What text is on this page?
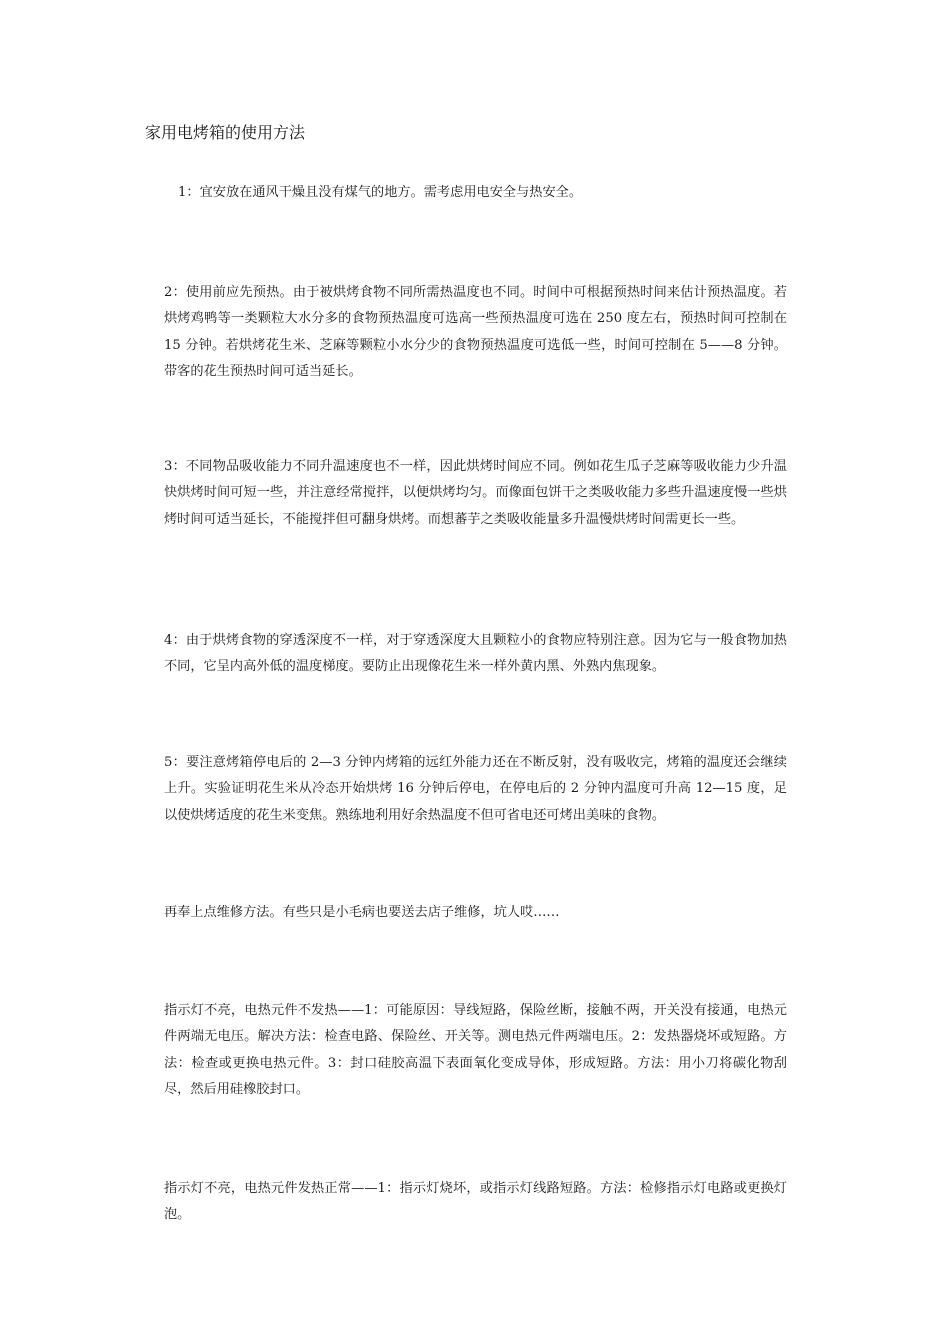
家用电烤箱的使用方法

1：宜安放在通风干燥且没有煤气的地方。需考虑用电安全与热安全。

2：使用前应先预热。由于被烘烤食物不同所需热温度也不同。时间中可根据预热时间来估计预热温度。若烘烤鸡鸭等一类颗粒大水分多的食物预热温度可选高一些预热温度可选在 250 度左右，预热时间可控制在 15 分钟。若烘烤花生米、芝麻等颗粒小水分少的食物预热温度可选低一些，时间可控制在 5——8 分钟。带客的花生预热时间可适当延长。

3：不同物品吸收能力不同升温速度也不一样，因此烘烤时间应不同。例如花生瓜子芝麻等吸收能力少升温快烘烤时间可短一些，并注意经常搅拌，以便烘烤均匀。而像面包饼干之类吸收能力多些升温速度慢一些烘烤时间可适当延长，不能搅拌但可翻身烘烤。而想蕃芋之类吸收能量多升温慢烘烤时间需更长一些。

4：由于烘烤食物的穿透深度不一样，对于穿透深度大且颗粒小的食物应特别注意。因为它与一般食物加热不同，它呈内高外低的温度梯度。要防止出现像花生米一样外黄内黑、外熟内焦现象。

5：要注意烤箱停电后的 2—3 分钟内烤箱的远红外能力还在不断反射，没有吸收完，烤箱的温度还会继续上升。实验证明花生米从冷态开始烘烤 16 分钟后停电，在停电后的 2 分钟内温度可升高 12—15 度，足以使烘烤适度的花生米变焦。熟练地利用好余热温度不但可省电还可烤出美味的食物。

再奉上点维修方法。有些只是小毛病也要送去店子维修，坑人哎……

指示灯不亮，电热元件不发热——1：可能原因：导线短路，保险丝断，接触不两，开关没有接通，电热元件两端无电压。解决方法：检查电路、保险丝、开关等。测电热元件两端电压。2：发热器烧坏或短路。方法：检查或更换电热元件。3：封口硅胶高温下表面氧化变成导体，形成短路。方法：用小刀将碳化物刮尽，然后用硅橡胶封口。

指示灯不亮，电热元件发热正常——1：指示灯烧坏，或指示灯线路短路。方法：检修指示灯电路或更换灯泡。
